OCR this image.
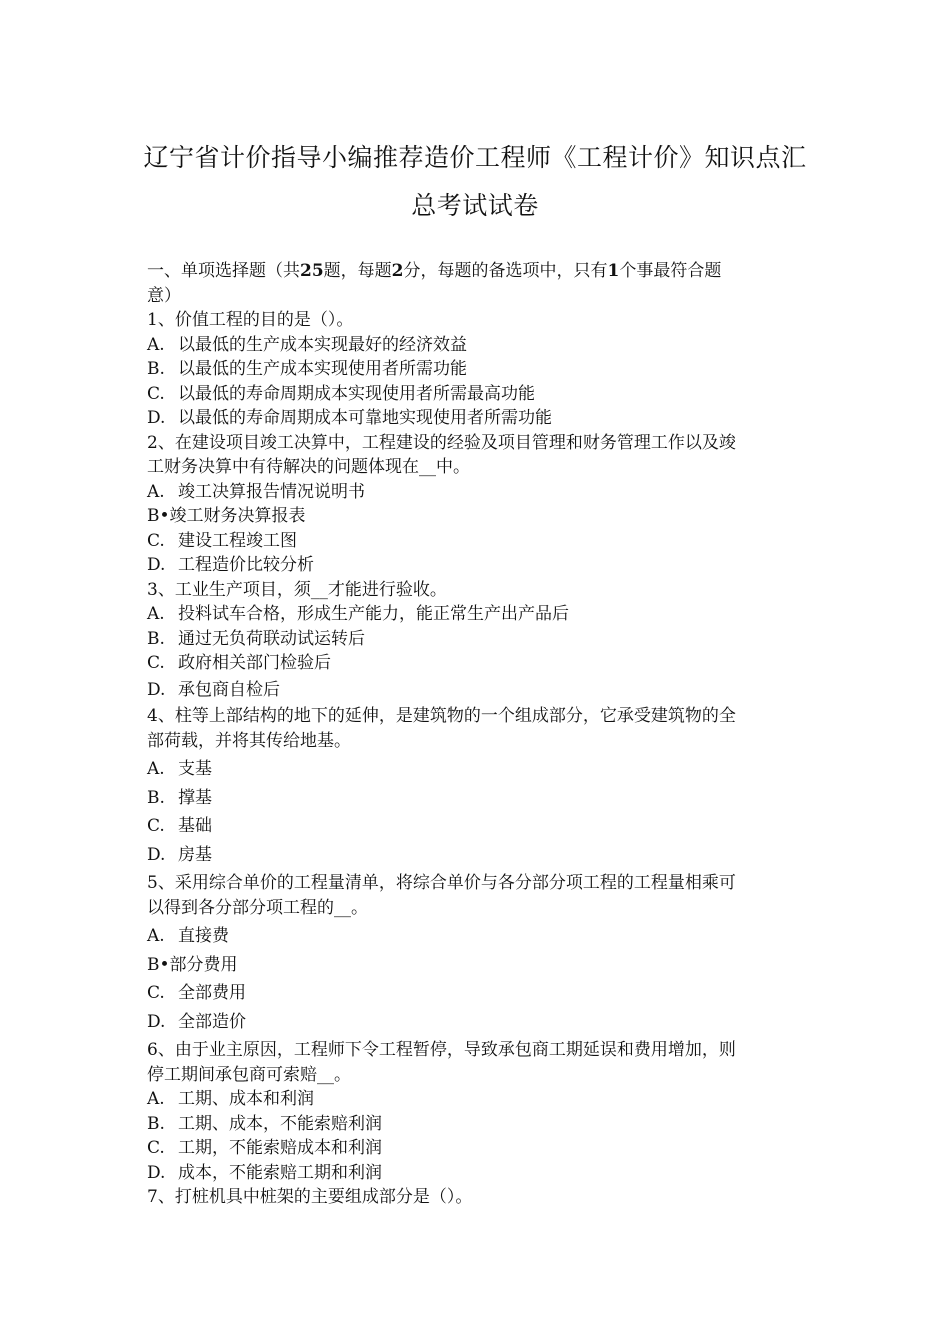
辽宁省计价指导小编推荐造价工程师《工程计价》知识点汇
总考试试卷
一、单项选择题（共25题，每题2分，每题的备选项中，只有1个事最符合题
意）
1、价值工程的目的是（）。
A. 以最低的生产成本实现最好的经济效益
B. 以最低的生产成本实现使用者所需功能
C. 以最低的寿命周期成本实现使用者所需最高功能
D. 以最低的寿命周期成本可靠地实现使用者所需功能
2、在建设项目竣工决算中，工程建设的经验及项目管理和财务管理工作以及竣
工财务决算中有待解决的问题体现在__中。
A. 竣工决算报告情况说明书
B•竣工财务决算报表
C. 建设工程竣工图
D. 工程造价比较分析
3、工业生产项目，须__才能进行验收。
A. 投料试车合格，形成生产能力，能正常生产出产品后
B. 通过无负荷联动试运转后
C. 政府相关部门检验后
D. 承包商自检后
4、柱等上部结构的地下的延伸，是建筑物的一个组成部分，它承受建筑物的全
部荷载，并将其传给地基。
A. 支基
B. 撑基
C. 基础
D. 房基
5、采用综合单价的工程量清单，将综合单价与各分部分项工程的工程量相乘可
以得到各分部分项工程的__。
A. 直接费
B•部分费用
C. 全部费用
D. 全部造价
6、由于业主原因，工程师下令工程暂停，导致承包商工期延误和费用增加，则
停工期间承包商可索赔__。
A. 工期、成本和利润
B. 工期、成本，不能索赔利润
C. 工期，不能索赔成本和利润
D. 成本，不能索赔工期和利润
7、打桩机具中桩架的主要组成部分是（）。
